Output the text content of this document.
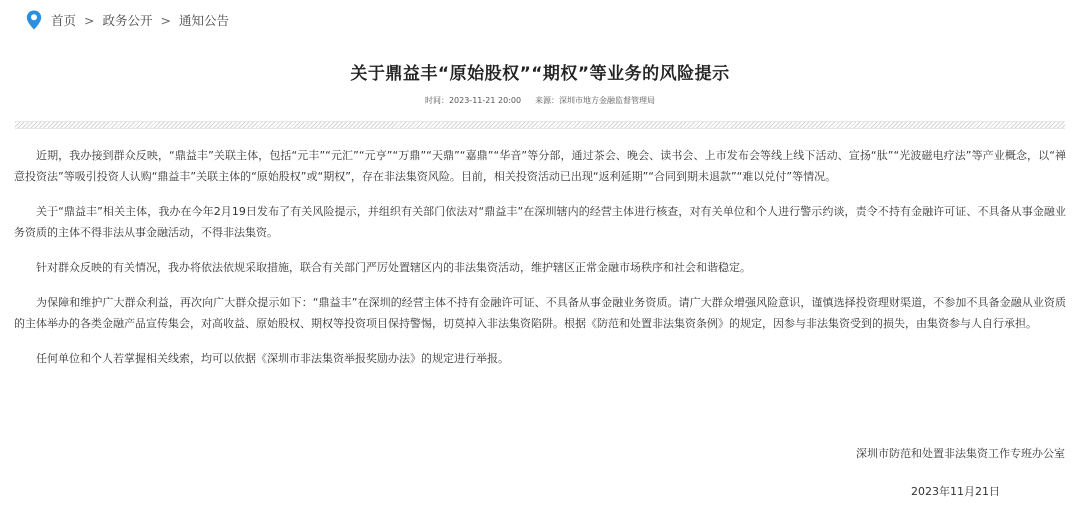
首页 > 政务公开 > 通知公告
关于鼎益丰“原始股权”“期权”等业务的风险提示
时间：2023-11-21 20:00 来源：深圳市地方金融监督管理局

近期，我办接到群众反映，“鼎益丰”关联主体，包括“元丰”“元汇”“元亨”“万鼎”“天鼎”“嘉鼎”“华音”等分部，通过茶会、晚会、读书会、上市发布会等线上线下活动、宣扬“肽”“光波磁电疗法”等产业概念，以“禅意投资法”等吸引投资人认购“鼎益丰”关联主体的“原始股权”或“期权”，存在非法集资风险。目前，相关投资活动已出现“返利延期”“合同到期未退款”“难以兑付”等情况。

关于“鼎益丰”相关主体，我办在今年2月19日发布了有关风险提示，并组织有关部门依法对“鼎益丰”在深圳辖内的经营主体进行核查，对有关单位和个人进行警示约谈，责令不持有金融许可证、不具备从事金融业务资质的主体不得非法从事金融活动，不得非法集资。

针对群众反映的有关情况，我办将依法依规采取措施，联合有关部门严厉处置辖区内的非法集资活动，维护辖区正常金融市场秩序和社会和谐稳定。

为保障和维护广大群众利益，再次向广大群众提示如下：“鼎益丰”在深圳的经营主体不持有金融许可证、不具备从事金融业务资质。请广大群众增强风险意识，谨慎选择投资理财渠道，不参加不具备金融从业资质的主体举办的各类金融产品宣传集会，对高收益、原始股权、期权等投资项目保持警惕，切莫掉入非法集资陷阱。根据《防范和处置非法集资条例》的规定，因参与非法集资受到的损失，由集资参与人自行承担。

任何单位和个人若掌握相关线索，均可以依据《深圳市非法集资举报奖励办法》的规定进行举报。

深圳市防范和处置非法集资工作专班办公室
2023年11月21日
